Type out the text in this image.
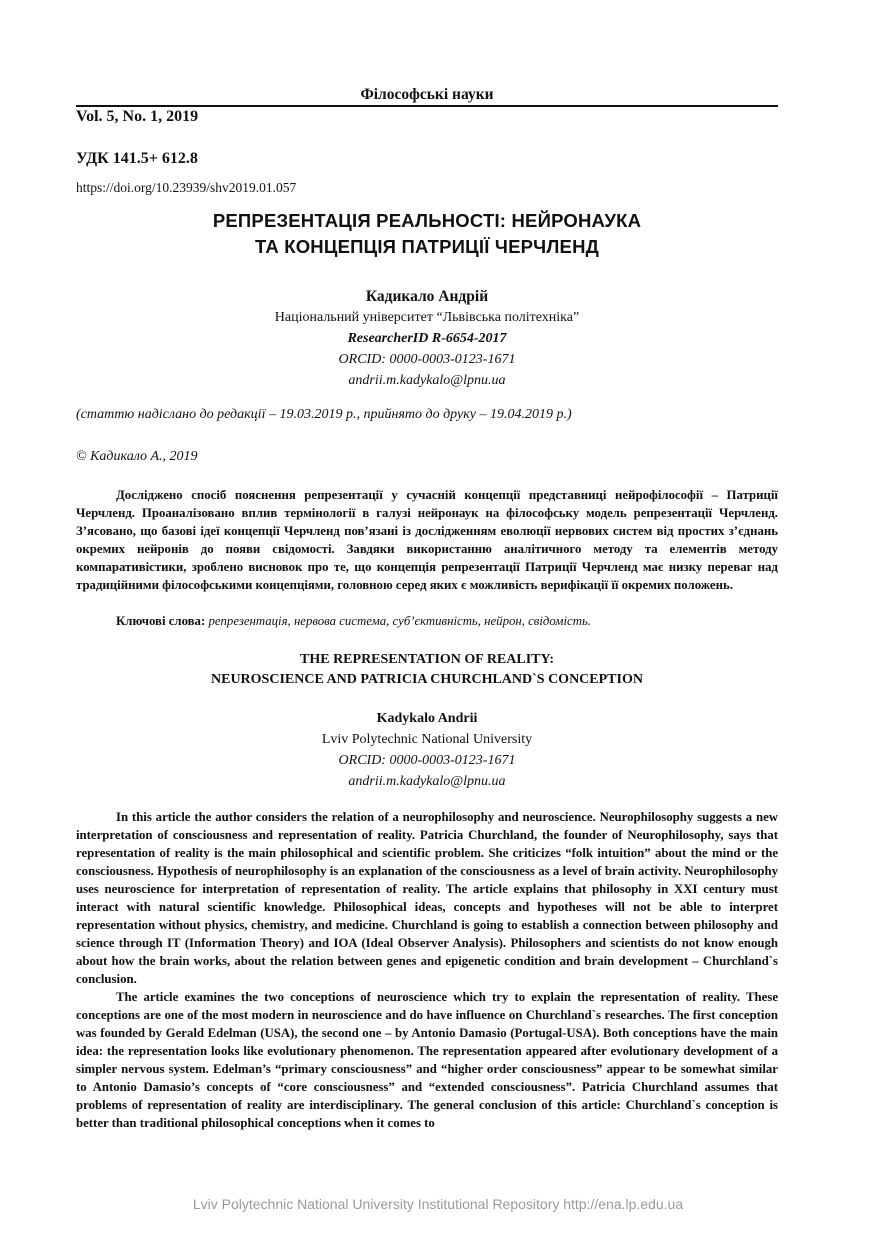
Філософські науки
Vol. 5, No. 1, 2019
УДК 141.5+ 612.8
https://doi.org/10.23939/shv2019.01.057
РЕПРЕЗЕНТАЦІЯ РЕАЛЬНОСТІ: НЕЙРОНАУКА
ТА КОНЦЕПЦІЯ ПАТРИЦІЇ ЧЕРЧЛЕНД
Кадикало Андрій
Національний університет “Львівська політехніка”
ResearcherID R-6654-2017
ORCID: 0000-0003-0123-1671
andrii.m.kadykalo@lpnu.ua
(статтю надіслано до редакції – 19.03.2019 р., прийнято до друку – 19.04.2019 р.)
© Кадикало А., 2019

Досліджено спосіб пояснення репрезентації у сучасній концепції представниці нейрофілософії – Патриції Черчленд. Проаналізовано вплив термінології в галузі нейронаук на філософську модель репрезентації Черчленд. З’ясовано, що базові ідеї концепції Черчленд пов’язані із дослідженням еволюції нервових систем від простих з’єднань окремих нейронів до появи свідомості. Завдяки використанню аналітичного методу та елементів методу компаративістики, зроблено висновок про те, що концепція репрезентації Патриції Черчленд має низку переваг над традиційними філософськими концепціями, головною серед яких є можливість верифікації її окремих положень.

Ключові слова: репрезентація, нервова система, суб’єктивність, нейрон, свідомість.
THE REPRESENTATION OF REALITY:
NEUROSCIENCE AND PATRICIA CHURCHLAND`S CONCEPTION
Kadykalo Andrii
Lviv Polytechnic National University
ORCID: 0000-0003-0123-1671
andrii.m.kadykalo@lpnu.ua

In this article the author considers the relation of a neurophilosophy and neuroscience. Neurophilosophy suggests a new interpretation of consciousness and representation of reality. Patricia Churchland, the founder of Neurophilosophy, says that representation of reality is the main philosophical and scientific problem. She criticizes “folk intuition” about the mind or the consciousness. Hypothesis of neurophilosophy is an explanation of the consciousness as a level of brain activity. Neurophilosophy uses neuroscience for interpretation of representation of reality. The article explains that philosophy in XXI century must interact with natural scientific knowledge. Philosophical ideas, concepts and hypotheses will not be able to interpret representation without physics, chemistry, and medicine. Churchland is going to establish a connection between philosophy and science through IT (Information Theory) and IOA (Ideal Observer Analysis). Philosophers and scientists do not know enough about how the brain works, about the relation between genes and epigenetic condition and brain development – Churchland`s conclusion.

The article examines the two conceptions of neuroscience which try to explain the representation of reality. These conceptions are one of the most modern in neuroscience and do have influence on Churchland`s researches. The first conception was founded by Gerald Edelman (USA), the second one – by Antonio Damasio (Portugal-USA). Both conceptions have the main idea: the representation looks like evolutionary phenomenon. The representation appeared after evolutionary development of a simpler nervous system. Edelman’s “primary consciousness” and “higher order consciousness” appear to be somewhat similar to Antonio Damasio’s concepts of “core consciousness” and “extended consciousness”. Patricia Churchland assumes that problems of representation of reality are interdisciplinary. The general conclusion of this article: Churchland`s conception is better than traditional philosophical conceptions when it comes to

Lviv Polytechnic National University Institutional Repository http://ena.lp.edu.ua
